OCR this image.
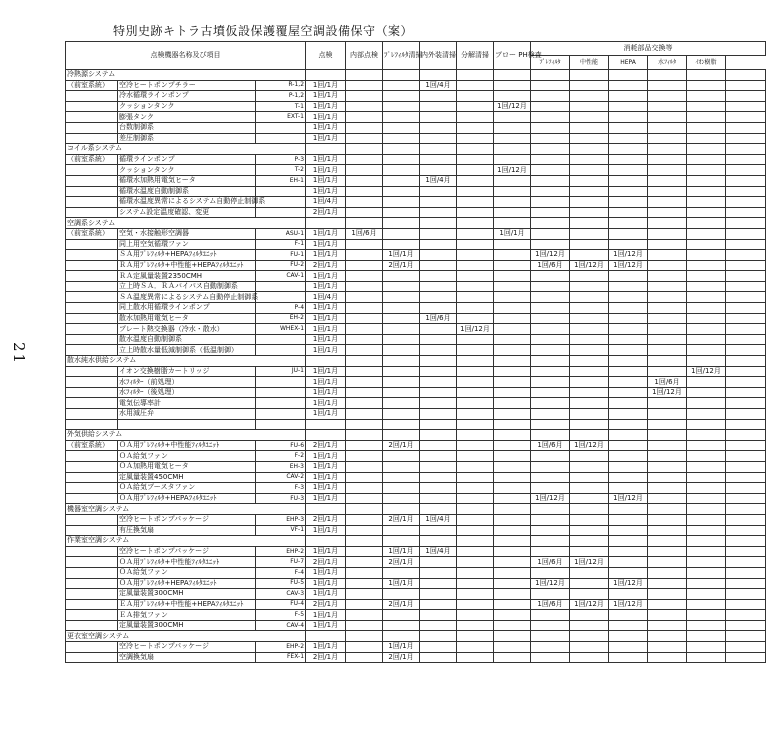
特別史跡キトラ古墳仮設保護覆屋空調設備保守（案）
21
点検機器名称及び項目			点検	内部点検	ﾌﾟﾚﾌｨﾙﾀ清掃	内外装清掃	分解清掃	ブロー PH検査	消耗部品交換等					
									ﾌﾟﾚﾌｨﾙﾀ	中性能	HEPA	水ﾌｨﾙﾀ	ｲｵﾝ樹脂	
冷熱源システム														
（前室系統）	空冷ヒートポンプチラー	R-1,2	1回/1月			1回/4月								
	冷水循環ラインポンプ	P-1,2	1回/1月											
	クッションタンク	T-1	1回/1月					1回/12月						
	膨張タンク	EXT-1	1回/1月											
	台数制御系		1回/1月											
	差圧制御系		1回/1月											
コイル系システム														
（前室系統）	循環ラインポンプ	P-3	1回/1月											
	クッションタンク	T-2	1回/1月					1回/12月						
	循環水加熱用電気ヒータ	EH-1	1回/1月			1回/4月								
	循環水温度自動制御系		1回/1月											
	循環水温度異常によるシステム自動停止制御系		1回/4月											
	システム設定温度確認、変更		2回/1月											
空調系システム														
（前室系統）	空気・水接触形空調器	ASU-1	1回/1月	1回/6月				1回/1月						
	同上用空気循環ファン	F-1	1回/1月											
	ＳＡ用ﾌﾟﾚﾌｨﾙﾀ+HEPAﾌｨﾙﾀﾕﾆｯﾄ	FU-1	1回/1月		1回/1月				1回/12月		1回/12月			
	ＲＡ用ﾌﾟﾚﾌｨﾙﾀ+中性能+HEPAﾌｨﾙﾀﾕﾆｯﾄ	FU-2	2回/1月		2回/1月				1回/6月	1回/12月	1回/12月			
	ＲＡ定風量装置2350CMH	CAV-1	1回/1月											
	立上時ＳＡ．ＲＡバイパス自動制御系		1回/1月											
	ＳＡ温度異常によるシステム自動停止制御系		1回/4月											
	同上散水用循環ラインポンプ	P-4	1回/1月											
	散水加熱用電気ヒータ	EH-2	1回/1月			1回/6月								
	プレート熱交換器（冷水・散水）	WHEX-1	1回/1月				1回/12月							
	散水温度自動制御系		1回/1月											
	立上時散水量低減制御系（低温制御）		1回/1月											
散水純水供給システム														
	イオン交換樹脂カートリッジ	JU-1	1回/1月										1回/12月	
	水ﾌｨﾙﾀｰ（前処理）		1回/1月									1回/6月		
	水ﾌｨﾙﾀｰ（後処理）		1回/1月									1回/12月		
	電気伝導率計		1回/1月											
	水用減圧弁		1回/1月											

外気供給システム														
（前室系統）	ＯＡ用ﾌﾟﾚﾌｨﾙﾀ+中性能ﾌｨﾙﾀﾕﾆｯﾄ	FU-6	2回/1月		2回/1月				1回/6月	1回/12月				
	ＯＡ給気ファン	F-2	1回/1月											
	ＯＡ加熱用電気ヒータ	EH-3	1回/1月											
	定風量装置450CMH	CAV-2	1回/1月											
	ＯＡ給気ブースタファン	F-3	1回/1月											
	ＯＡ用ﾌﾟﾚﾌｨﾙﾀ+HEPAﾌｨﾙﾀﾕﾆｯﾄ	FU-3	1回/1月						1回/12月		1回/12月			
機器室空調システム														
	空冷ヒートポンプパッケージ	EHP-3	2回/1月		2回/1月	1回/4月								
	有圧換気扇	VF-1	1回/1月											
作業室空調システム														
	空冷ヒートポンプパッケージ	EHP-2	1回/1月		1回/1月	1回/4月								
	ＯＡ用ﾌﾟﾚﾌｨﾙﾀ+中性能ﾌｨﾙﾀﾕﾆｯﾄ	FU-7	2回/1月		2回/1月				1回/6月	1回/12月				
	ＯＡ給気ファン	F-4	1回/1月											
	ＯＡ用ﾌﾟﾚﾌｨﾙﾀ+HEPAﾌｨﾙﾀﾕﾆｯﾄ	FU-5	1回/1月		1回/1月				1回/12月		1回/12月			
	定風量装置300CMH	CAV-3	1回/1月											
	ＥＡ用ﾌﾟﾚﾌｨﾙﾀ+中性能+HEPAﾌｨﾙﾀﾕﾆｯﾄ	FU-4	2回/1月		2回/1月				1回/6月	1回/12月	1回/12月			
	ＥＡ排気ファン	F-5	1回/1月											
	定風量装置300CMH	CAV-4	1回/1月											
更衣室空調システム														
	空冷ヒートポンプパッケージ	EHP-2	1回/1月		1回/1月									
	空調換気扇	FEX-1	2回/1月		2回/1月									
